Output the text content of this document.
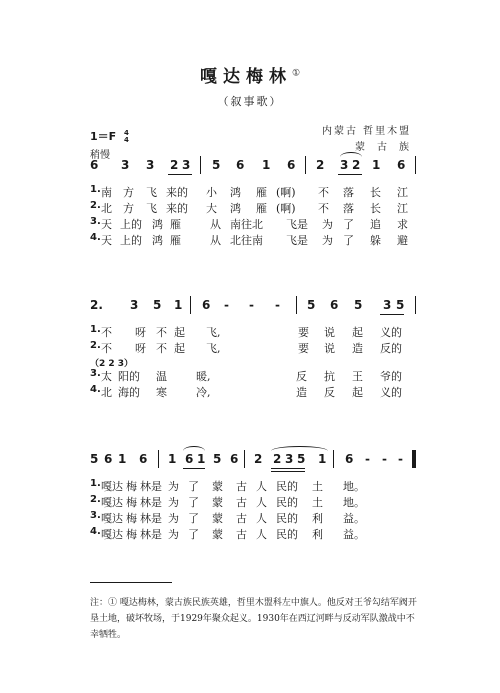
嘎达梅林①
（叙事歌）
1＝F 4
4
稍慢
内蒙古 哲里木盟
蒙古族
6 3 3 2 3 5 6 1 6 2 3 2 1 6
1. 南 方 飞 来的 小 鸿 雁 (啊) 不 落 长 江
2. 北 方 飞 来的 大 鸿 雁 (啊) 不 落 长 江
3. 天 上的 鸿 雁	从 南往北 飞是 为 了 追 求
4. 天 上的 鸿 雁	从 北往南 飞是 为 了 躲 避
2. 3 5 1 6 - - - 5 6 5 3 5
1. 不 呀 不 起 飞,	要 说 起 义的
2. 不 呀 不 起 飞,	要 说 造 反的
3. 太 阳的 温	暖,	反 抗 王 爷的
4. 北 海的 寒	冷,	造 反 起 义的
（2 2 3）
5 6 1 6 1 6 1 5 6 2 2 3 5 1 6 - - -
1. 嘎达 梅 林是 为 了 蒙 古 人 民的 土 地。
2. 嘎达 梅 林是 为 了 蒙 古 人 民的 土 地。
3. 嘎达 梅 林是 为 了 蒙 古 人 民的 利 益。
4. 嘎达 梅 林是 为 了 蒙 古 人 民的 利 益。
注：① 嘎达梅林，蒙古族民族英雄，哲里木盟科左中旗人。他反对王爷勾结军阀开垦土地，破坏牧场，于1929年聚众起义。1930年在西辽河畔与反动军队激战中不幸牺牲。
